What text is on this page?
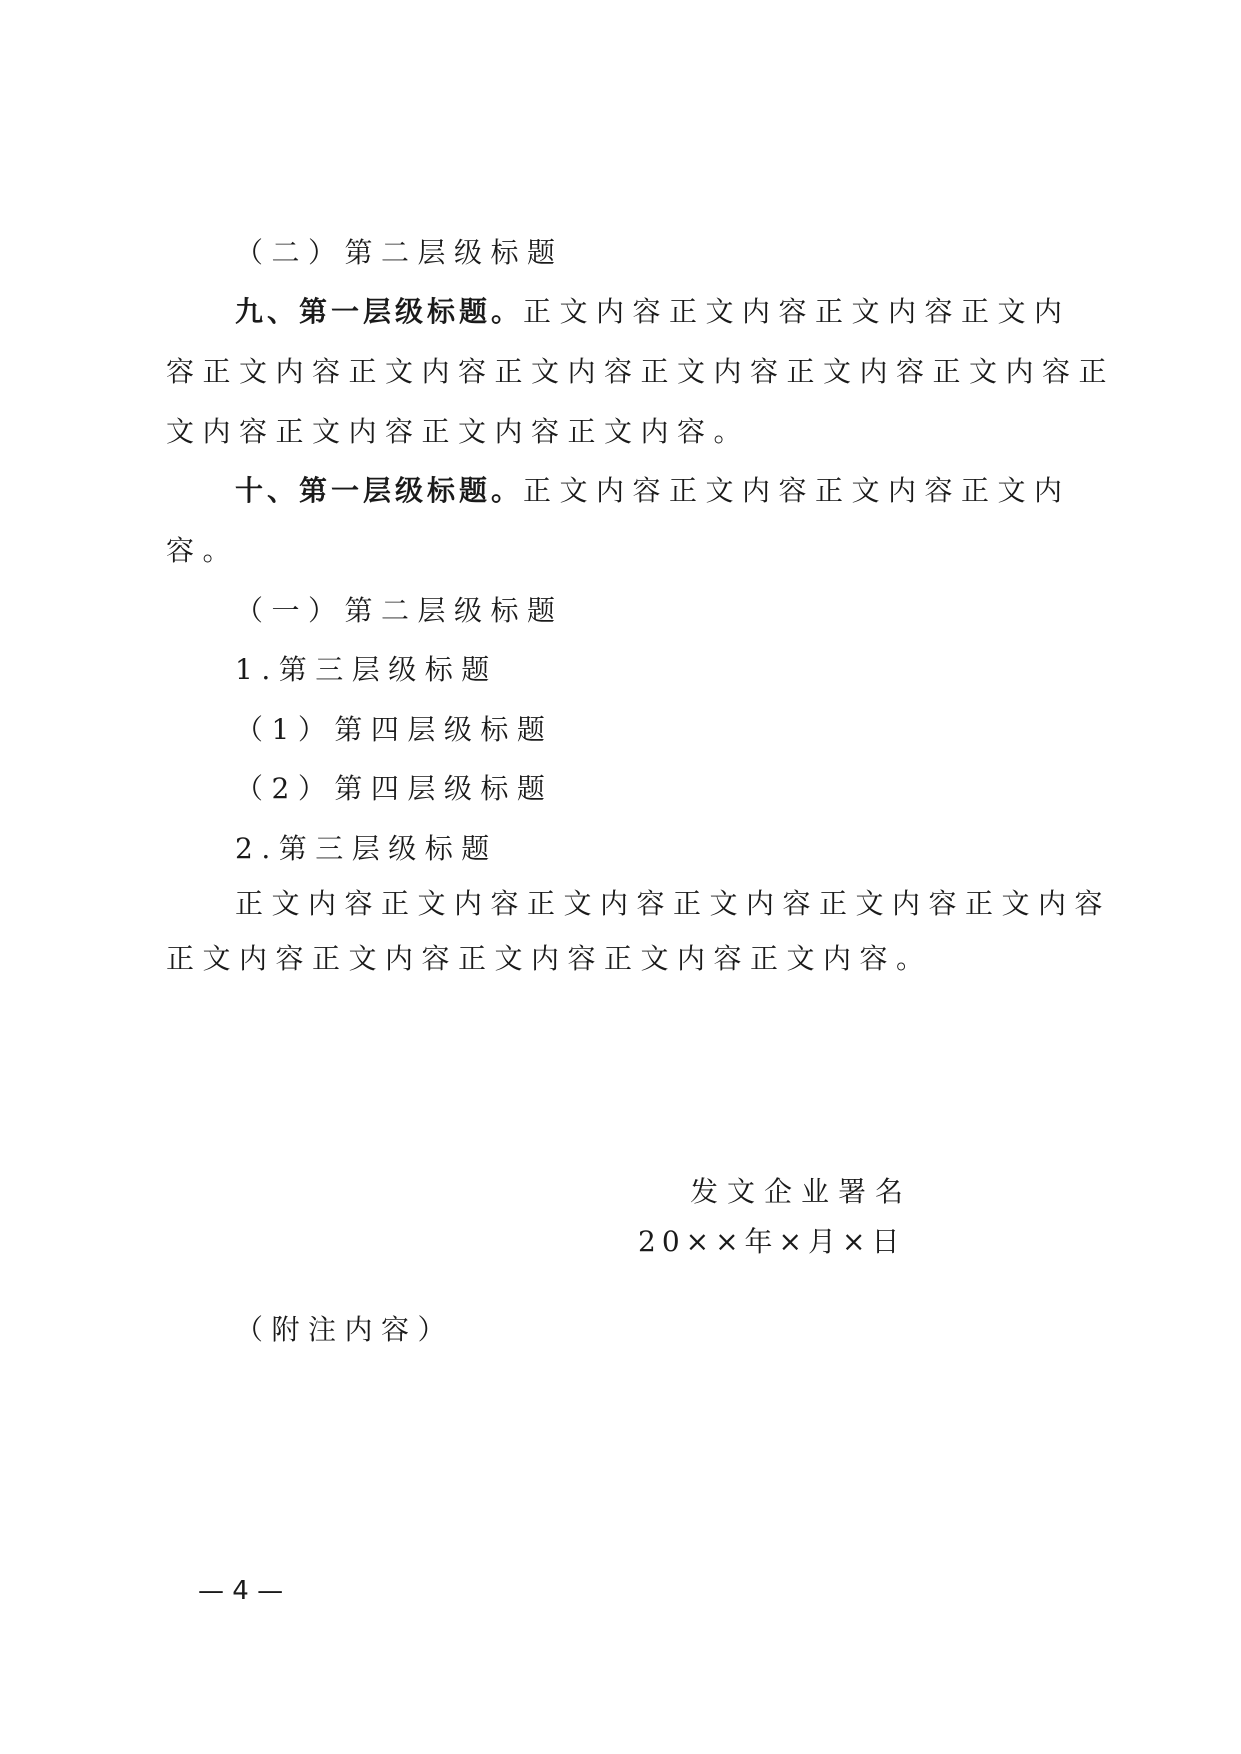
（二）第二层级标题
九、第一层级标题。正文内容正文内容正文内容正文内
容正文内容正文内容正文内容正文内容正文内容正文内容正
文内容正文内容正文内容正文内容。
十、第一层级标题。正文内容正文内容正文内容正文内
容。
（一）第二层级标题
1.第三层级标题
（1）第四层级标题
（2）第四层级标题
2.第三层级标题
正文内容正文内容正文内容正文内容正文内容正文内容
正文内容正文内容正文内容正文内容正文内容。
发文企业署名
20××年×月×日
（附注内容）
— 4 —
